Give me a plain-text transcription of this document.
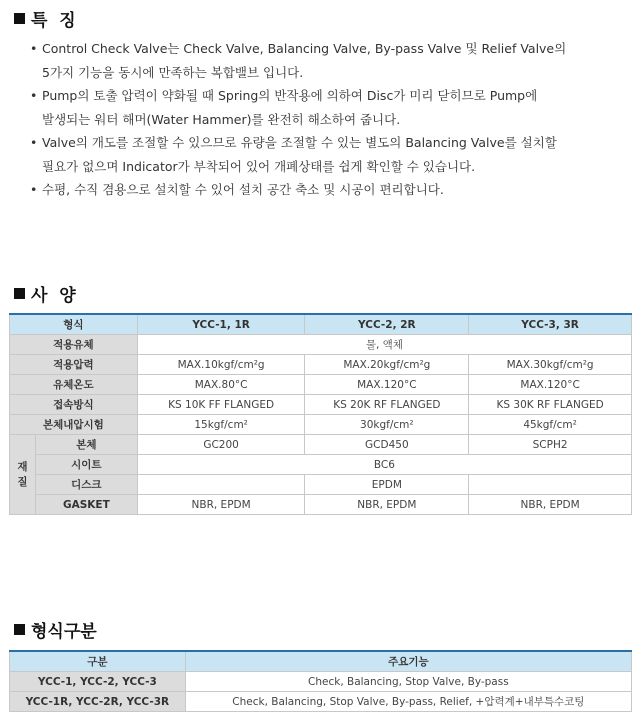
특  징
• Control Check Valve는 Check Valve, Balancing Valve, By-pass Valve 및 Relief Valve의
5가지 기능을 동시에 만족하는 복합밸브 입니다.
• Pump의 토출 압력이 약화될 때 Spring의 반작용에 의하여 Disc가 미리 닫히므로 Pump에
발생되는 워터 해머(Water Hammer)를 완전히 해소하여 줍니다.
• Valve의 개도를 조절할 수 있으므로 유량을 조절할 수 있는 별도의 Balancing Valve를 설치할
필요가 없으며 Indicator가 부착되어 있어 개폐상태를 쉽게 확인할 수 있습니다.
• 수평, 수직 겸용으로 설치할 수 있어 설치 공간 축소 및 시공이 편리합니다.
사  양
형식		YCC-1, 1R	YCC-2, 2R	YCC-3, 3R
적용유체		물, 액체		
적용압력		MAX.10kgf/cm²g	MAX.20kgf/cm²g	MAX.30kgf/cm²g
유체온도		MAX.80°C	MAX.120°C	MAX.120°C
접속방식		KS 10K FF FLANGED	KS 20K RF FLANGED	KS 30K RF FLANGED
본체내압시험		15kgf/cm²	30kgf/cm²	45kgf/cm²

재
질	본체	GC200	GCD450	SCPH2
	시이트	BC6		
	디스크		EPDM	
	GASKET	NBR, EPDM	NBR, EPDM	NBR, EPDM
형식구분
구분	주요기능
YCC-1, YCC-2, YCC-3	Check, Balancing, Stop Valve, By-pass
YCC-1R, YCC-2R, YCC-3R	Check, Balancing, Stop Valve, By-pass, Relief, +압력계+내부특수코팅
